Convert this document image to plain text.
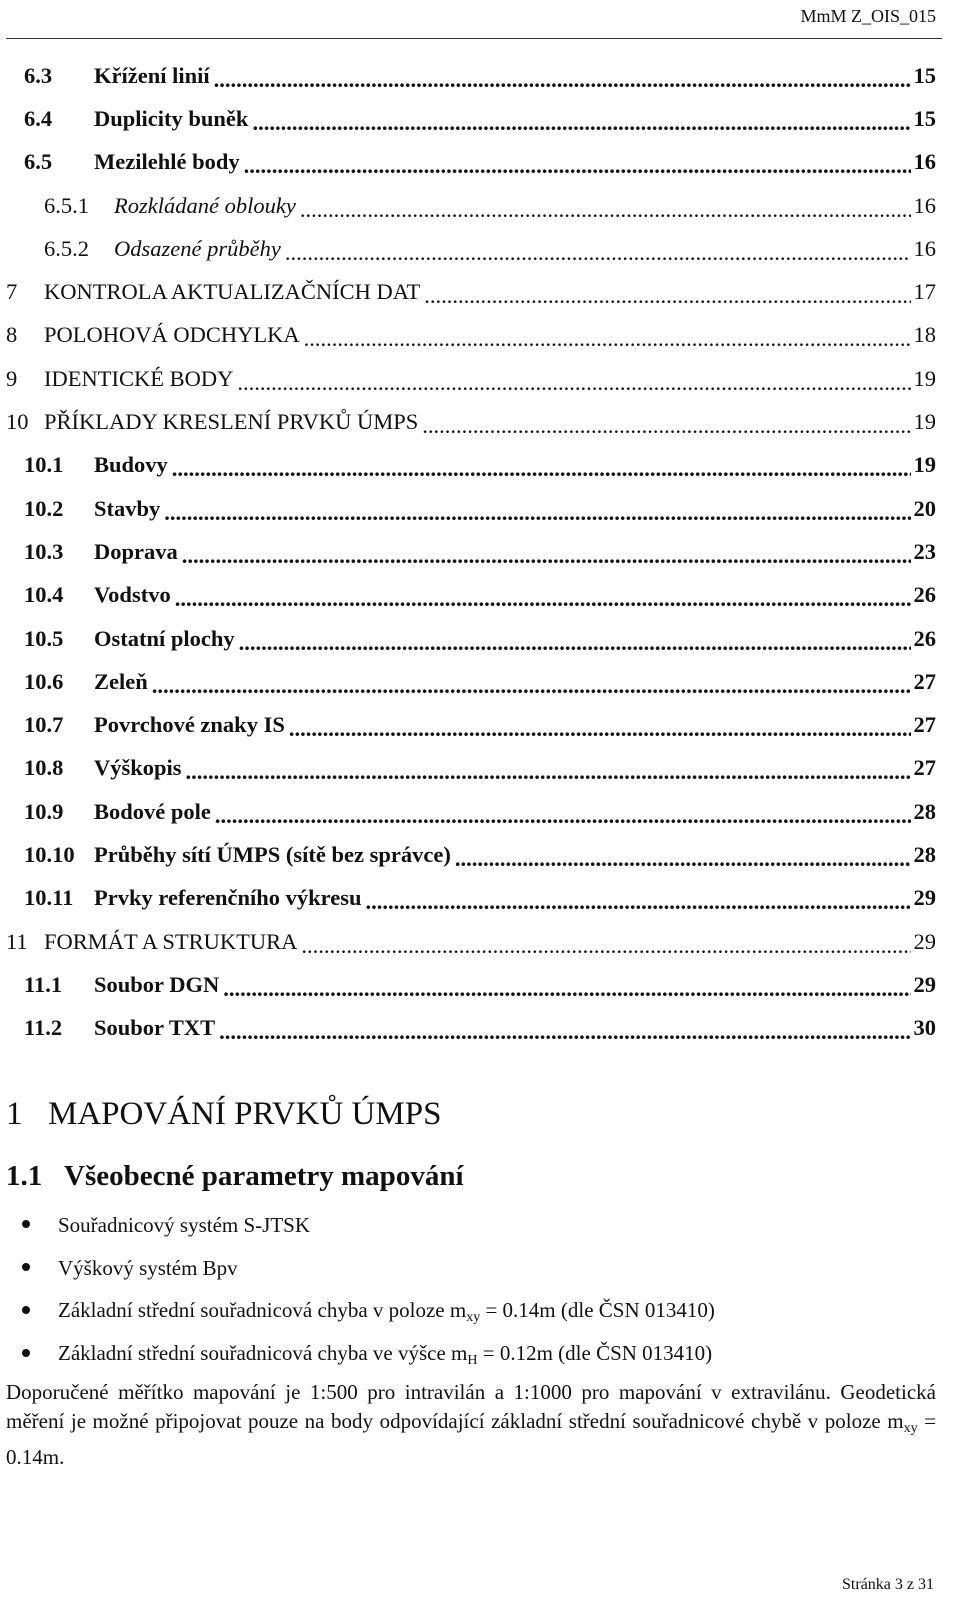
MmM Z_OIS_015
6.3	Křížení linií .....	15
6.4	Duplicity buněk .....	15
6.5	Mezilehlé body .....	16
6.5.1	Rozkládané oblouky .....	16
6.5.2	Odsazené průběhy .....	16
7	KONTROLA AKTUALIZAČNÍCH DAT .....	17
8	POLOHOVÁ ODCHYLKA .....	18
9	IDENTICKÉ BODY .....	19
10 PŘÍKLADY KRESLENÍ PRVKŮ ÚMPS .....	19
10.1	Budovy .....	19
10.2	Stavby .....	20
10.3	Doprava .....	23
10.4	Vodstvo .....	26
10.5	Ostatní plochy .....	26
10.6	Zeleň .....	27
10.7	Povrchové znaky IS .....	27
10.8	Výškopis .....	27
10.9	Bodové pole .....	28
10.10 Průběhy sítí ÚMPS (sítě bez správce) .....	28
10.11 Prvky referenčního výkresu .....	29
11 FORMÁT A STRUKTURA .....	29
11.1	Soubor DGN .....	29
11.2	Soubor TXT .....	30
1 MAPOVÁNÍ PRVKŮ ÚMPS
1.1 Všeobecné parametry mapování
Souřadnicový systém S-JTSK
Výškový systém Bpv
Základní střední souřadnicová chyba v poloze $m_{xy} = 0.14m$ (dle ČSN 013410)
Základní střední souřadnicová chyba ve výšce $m_H = 0.12m$ (dle ČSN 013410)

Doporučené měřítko mapování je 1:500 pro intravilán a 1:1000 pro mapování v extravilánu. Geodetická měření je možné připojovat pouze na body odpovídající základní střední souřadnicové chybě v poloze $m_{xy} = 0.14m$.

Stránka 3 z 31
